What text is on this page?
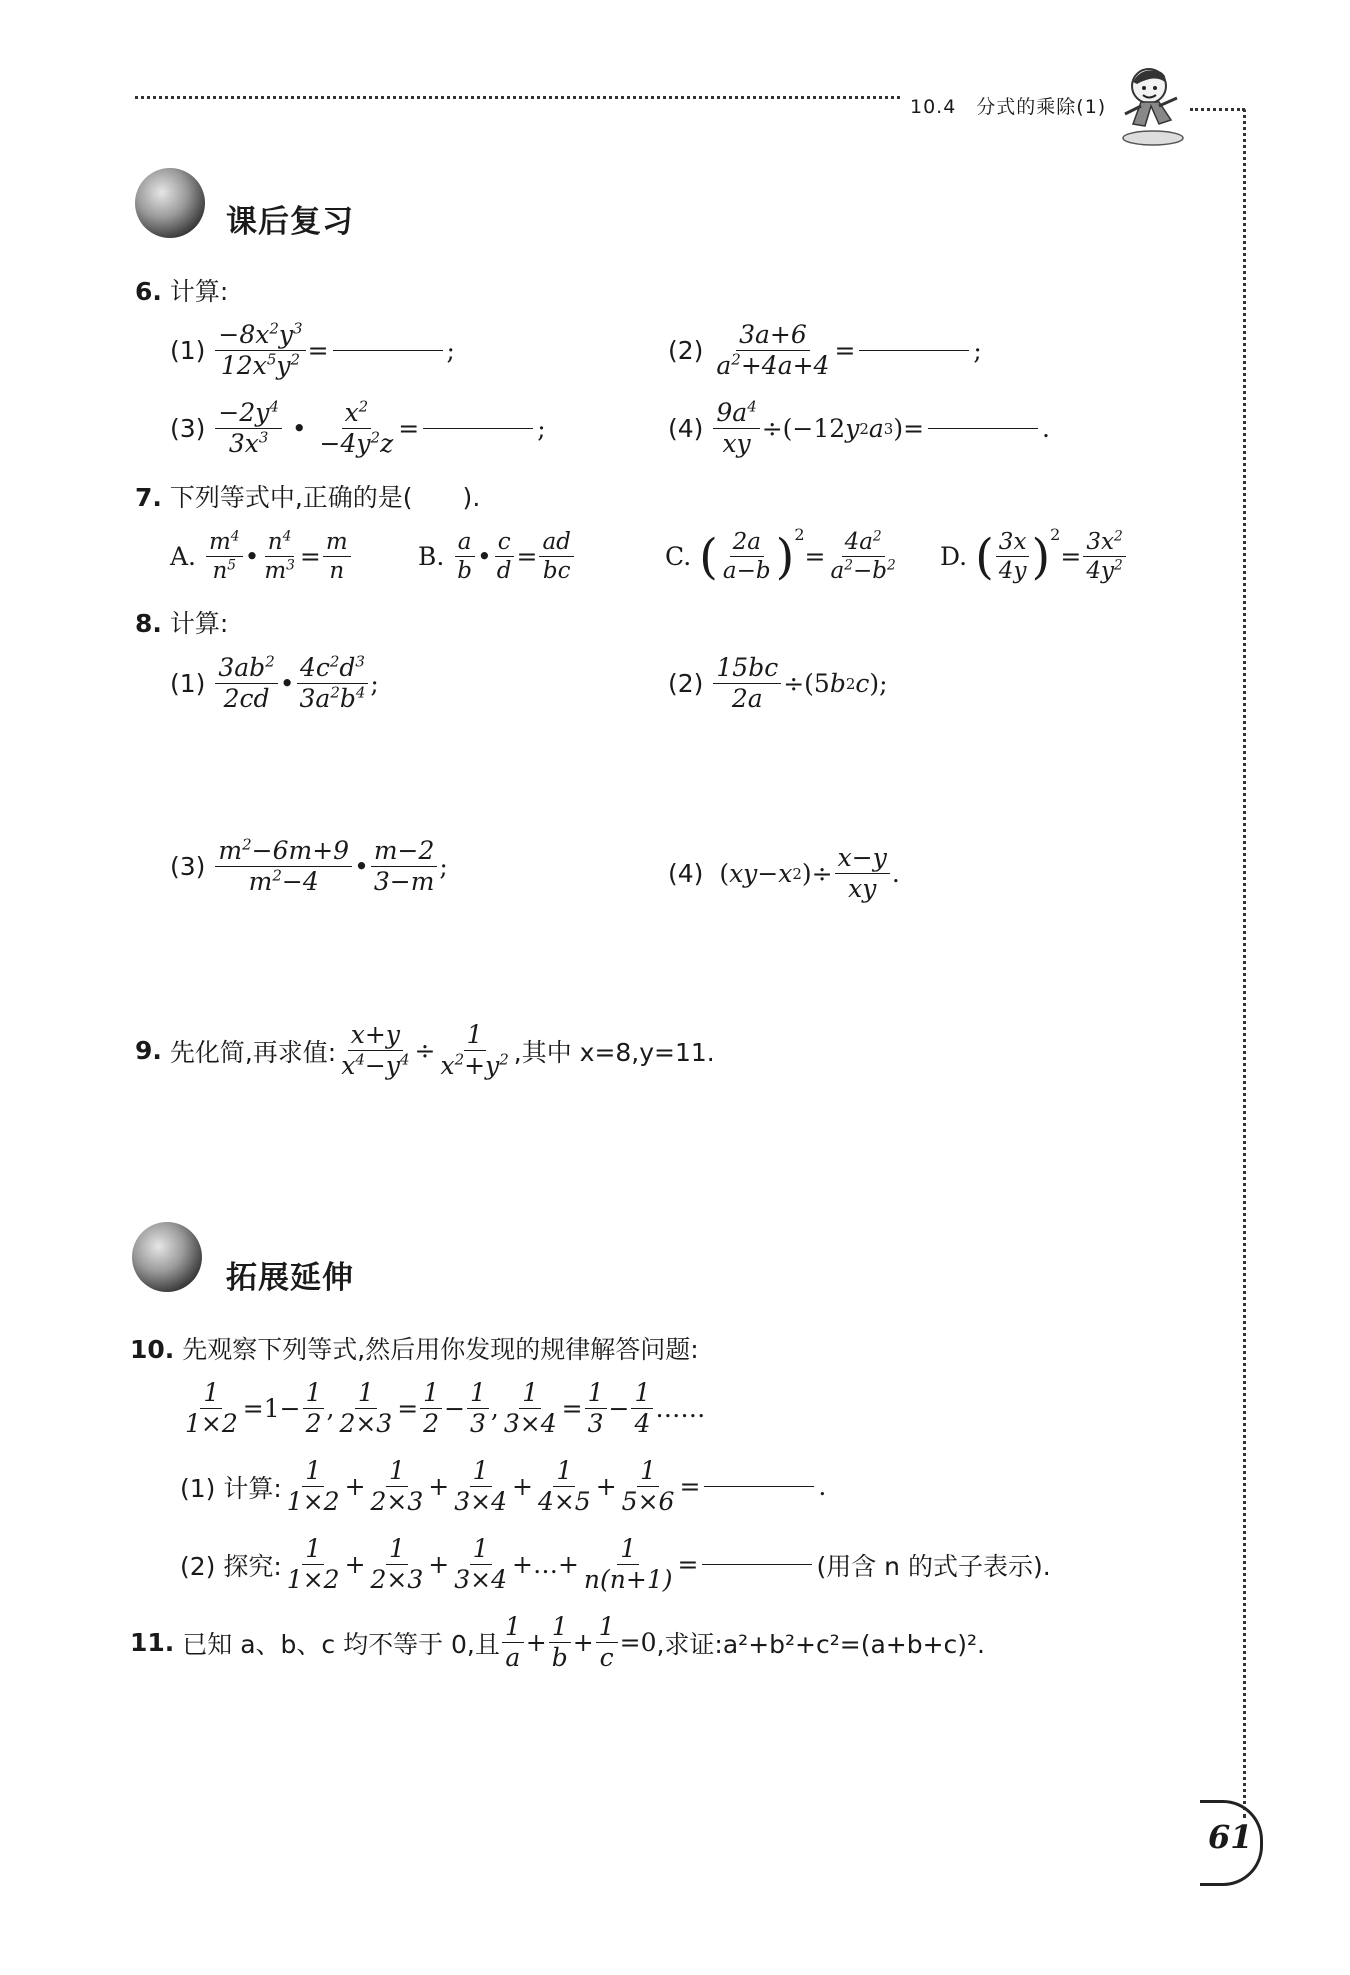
10.4　分式的乘除(1)
课后复习
6. 计算:
(1)
$\frac{-8x^2y^3}{12x^5y^2}$ =	;	(2)
$\frac{3a+6}{a^2+4a+4}$ =	;
(3)
$\frac{-2y^4}{3x^3}$ • $\frac{x^2}{-4y^2z}$ =	;	(4)
$\frac{9a^4}{xy} \div(-12$ y 2 a 3 )=	.
7. 下列等式中,正确的是(　　).
A.
$\frac{m^4}{n^5}$ • $\frac{n^4}{m^3} = \frac{m}{n}$	B.
$\frac{a}{b}$ • $\frac{c}{d} = \frac{ad}{bc}$	C.
( $\frac{2a}{a-b}$ ) 2
= $\frac{4a^2}{a^2-b^2} D$.
( $\frac{3x}{4y}$ ) 2
= $\frac{3x^2}{4y^2}$
8. 计算:
(1)
$\frac{3ab^2}{2cd}$ • $\frac{4c^2d^3}{3a^2b^4}$ ;	(2)
$\frac{15bc}{2a} \div(5$ b 2 c );
(3)
$\frac{m^2-6m+9}{m^2-4}$ • $\frac{m-2}{3-m}$ ;	(4) ( xy − x 2 )÷ $\frac{x-y}{xy}$ .
9.
先化简,再求值: $\frac{x+y}{x^4-y^4} \div \frac{1}{x^2+y^2}$ ,其中 x=8,y=11.
拓展延伸
10. 先观察下列等式,然后用你发现的规律解答问题:
$\frac{1}{1\times 2} =1- \frac{1}{2}$ , $\frac{1}{2\times 3} = \frac{1}{2} - \frac{1}{3}$ , $\frac{1}{3\times 4} = \frac{1}{3} - \frac{1}{4}$ ……
(1) 计算: $\frac{1}{1\times 2} + \frac{1}{2\times 3} + \frac{1}{3\times 4} + \frac{1}{4\times 5} + \frac{1}{5\times 6}$ =	.
(2) 探究: $\frac{1}{1\times 2} + \frac{1}{2\times 3} + \frac{1}{3\times 4}$ +…+ $\frac{1}{n(n+1)}$ =	(用含 n 的式子表示).
11.
已知 a、b、c 均不等于 0,且 $\frac{1}{a} + \frac{1}{b} + \frac{1}{c} =0$ ,求证:a²+b²+c²=(a+b+c)².
61
